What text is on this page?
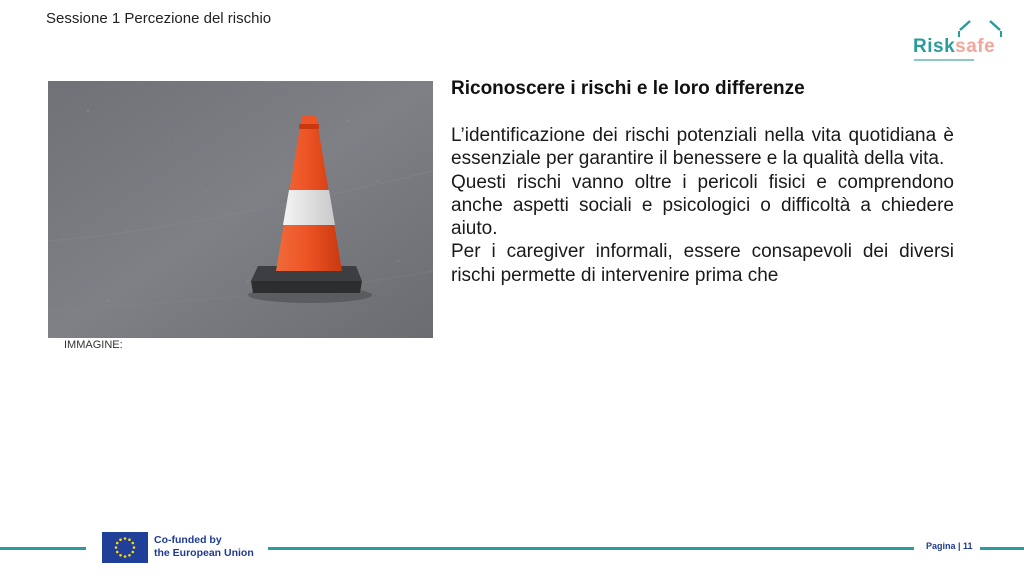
Sessione 1 Percezione del rischio
Risksafe
IMMAGINE:
Riconoscere i rischi e le loro differenze

L’identificazione dei rischi potenziali nella vita quotidiana è essenziale per garantire il benessere e la qualità della vita.

Questi rischi vanno oltre i pericoli fisici e comprendono anche aspetti sociali e psicologici o difficoltà a chiedere aiuto.

Per i caregiver informali, essere consapevoli dei diversi rischi permette di intervenire prima che

Co-funded by
the European Union
Pagina | 11
